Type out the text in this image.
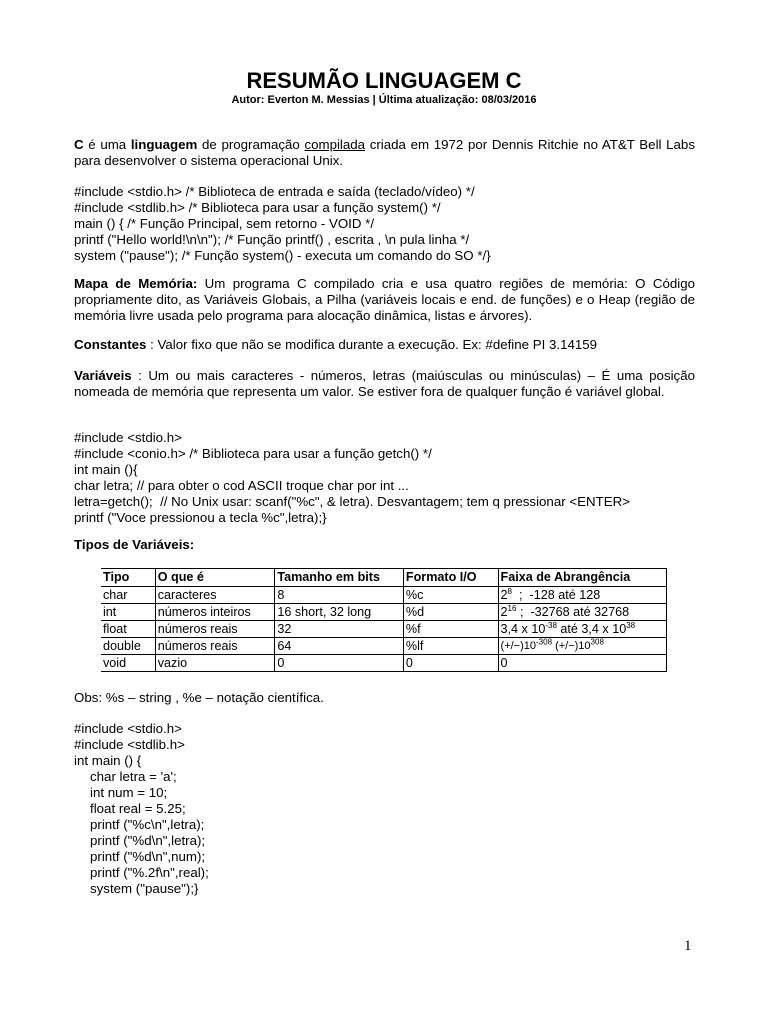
RESUMÃO LINGUAGEM C
Autor: Everton M. Messias | Última atualização: 08/03/2016
C é uma linguagem de programação compilada criada em 1972 por Dennis Ritchie no AT&T Bell Labs para desenvolver o sistema operacional Unix.
#include <stdio.h> /* Biblioteca de entrada e saída (teclado/vídeo) */
#include <stdlib.h> /* Biblioteca para usar a função system() */
main () { /* Função Principal, sem retorno - VOID */
printf ("Hello world!\n\n"); /* Função printf() , escrita , \n pula linha */
system ("pause"); /* Função system() - executa um comando do SO */}
Mapa de Memória: Um programa C compilado cria e usa quatro regiões de memória: O Código propriamente dito, as Variáveis Globais, a Pilha (variáveis locais e end. de funções) e o Heap (região de memória livre usada pelo programa para alocação dinâmica, listas e árvores).
Constantes : Valor fixo que não se modifica durante a execução. Ex: #define PI 3.14159
Variáveis : Um ou mais caracteres - números, letras (maiúsculas ou minúsculas) – É uma posição nomeada de memória que representa um valor. Se estiver fora de qualquer função é variável global.
#include <stdio.h>
#include <conio.h> /* Biblioteca para usar a função getch() */
int main (){
char letra; // para obter o cod ASCII troque char por int ...
letra=getch();  // No Unix usar: scanf("%c", & letra). Desvantagem; tem q pressionar <ENTER>
printf ("Voce pressionou a tecla %c",letra);}
Tipos de Variáveis:
Tipo	O que é	Tamanho em bits	Formato I/O	Faixa de Abrangência
char	caracteres	8	%c	$2^8$  ;  -128 até 128
int	números inteiros	16 short, 32 long	%d	$2^{16}$ ;  -32768 até 32768
float	números reais	32	%f	3,4 x $10^{-38}$ até 3,4 x $10^{38}$
double	números reais	64	%lf	$(+/-)10^{-308}$ $(+/-)10^{308}$
void	vazio	0	0	0
Obs: %s – string , %e – notação científica.
#include <stdio.h>
#include <stdlib.h>
int main () {
char letra = 'a';
int num = 10;
float real = 5.25;
printf ("%c\n",letra);
printf ("%d\n",letra);
printf ("%d\n",num);
printf ("%.2f\n",real);
system ("pause");}
1
